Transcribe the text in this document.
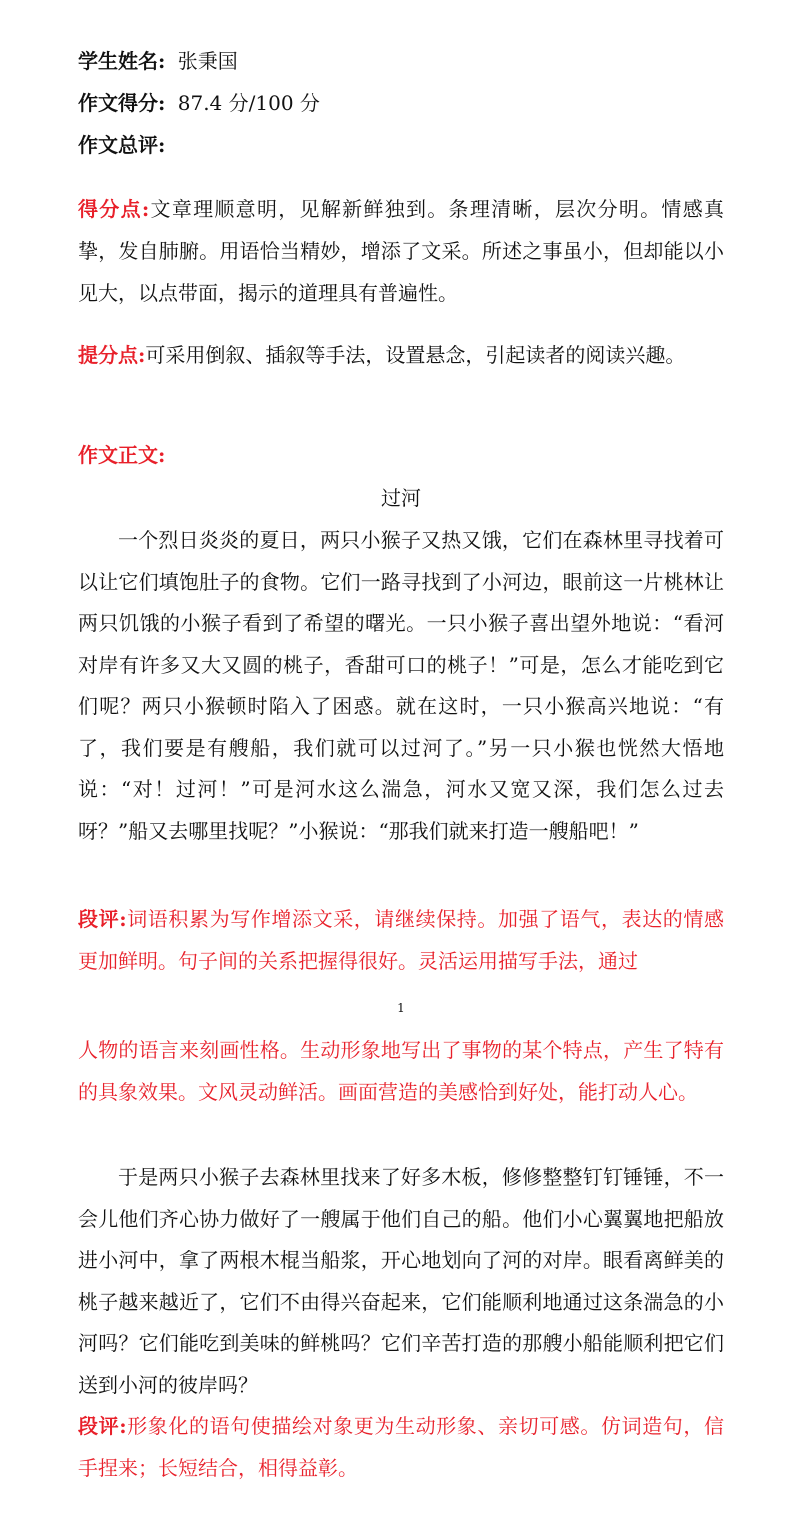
学生姓名: 张秉国

作文得分: 87.4 分/100 分

作文总评:

得分点:文章理顺意明，见解新鲜独到。条理清晰，层次分明。情感真挚，发自肺腑。用语恰当精妙，增添了文采。所述之事虽小，但却能以小见大，以点带面，揭示的道理具有普遍性。

提分点:可采用倒叙、插叙等手法，设置悬念，引起读者的阅读兴趣。

作文正文:

过河

一个烈日炎炎的夏日，两只小猴子又热又饿，它们在森林里寻找着可以让它们填饱肚子的食物。它们一路寻找到了小河边，眼前这一片桃林让两只饥饿的小猴子看到了希望的曙光。一只小猴子喜出望外地说：“看河对岸有许多又大又圆的桃子，香甜可口的桃子！”可是，怎么才能吃到它们呢？两只小猴顿时陷入了困惑。就在这时，一只小猴高兴地说：“有了，我们要是有艘船，我们就可以过河了。”另一只小猴也恍然大悟地说：“对！过河！”可是河水这么湍急，河水又宽又深，我们怎么过去呀？”船又去哪里找呢？”小猴说：“那我们就来打造一艘船吧！”

段评:词语积累为写作增添文采，请继续保持。加强了语气，表达的情感更加鲜明。句子间的关系把握得很好。灵活运用描写手法，通过

1

人物的语言来刻画性格。生动形象地写出了事物的某个特点，产生了特有的具象效果。文风灵动鲜活。画面营造的美感恰到好处，能打动人心。

于是两只小猴子去森林里找来了好多木板，修修整整钉钉锤锤，不一会儿他们齐心协力做好了一艘属于他们自己的船。他们小心翼翼地把船放进小河中，拿了两根木棍当船浆，开心地划向了河的对岸。眼看离鲜美的桃子越来越近了，它们不由得兴奋起来，它们能顺利地通过这条湍急的小河吗？它们能吃到美味的鲜桃吗？它们辛苦打造的那艘小船能顺利把它们送到小河的彼岸吗？

段评:形象化的语句使描绘对象更为生动形象、亲切可感。仿词造句，信手捏来；长短结合，相得益彰。
